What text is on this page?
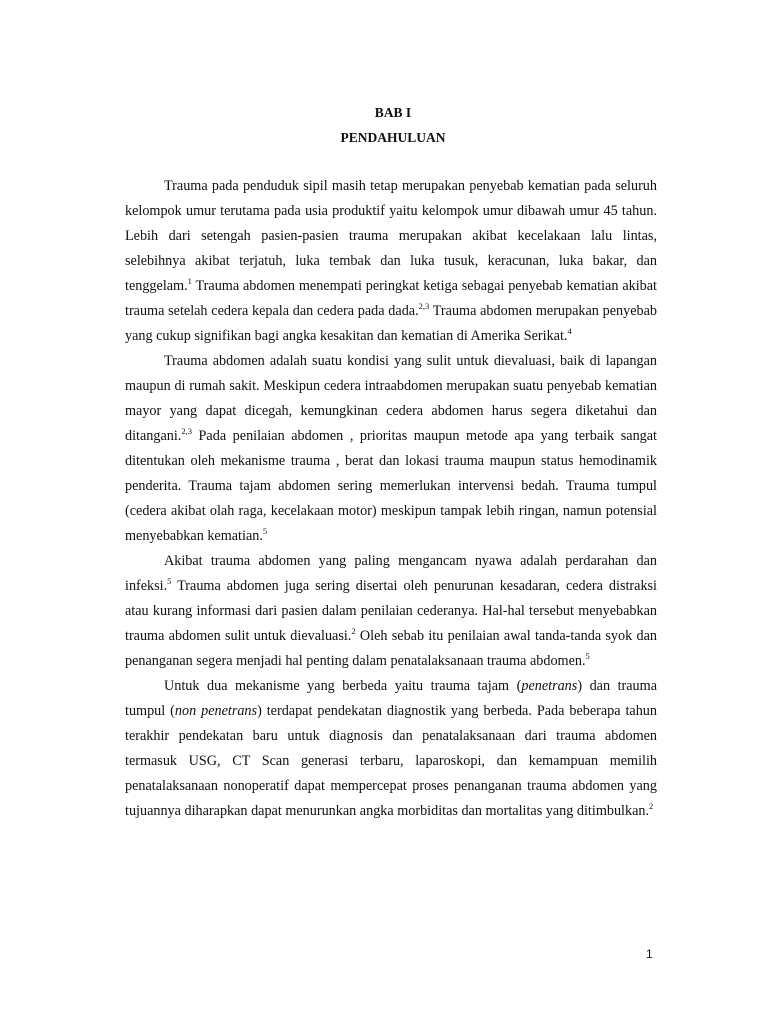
BAB I
PENDAHULUAN

Trauma pada penduduk sipil masih tetap merupakan penyebab kematian pada seluruh kelompok umur terutama pada usia produktif yaitu kelompok umur dibawah umur 45 tahun. Lebih dari setengah pasien-pasien trauma merupakan akibat kecelakaan lalu lintas, selebihnya akibat terjatuh, luka tembak dan luka tusuk, keracunan, luka bakar, dan tenggelam.$^1$ Trauma abdomen menempati peringkat ketiga sebagai penyebab kematian akibat trauma setelah cedera kepala dan cedera pada dada.$^{2,3}$ Trauma abdomen merupakan penyebab yang cukup signifikan bagi angka kesakitan dan kematian di Amerika Serikat.$^4$

Trauma abdomen adalah suatu kondisi yang sulit untuk dievaluasi, baik di lapangan maupun di rumah sakit. Meskipun cedera intraabdomen merupakan suatu penyebab kematian mayor yang dapat dicegah, kemungkinan cedera abdomen harus segera diketahui dan ditangani.$^{2,3}$ Pada penilaian abdomen , prioritas maupun metode apa yang terbaik sangat ditentukan oleh mekanisme trauma , berat dan lokasi trauma maupun status hemodinamik penderita. Trauma tajam abdomen sering memerlukan intervensi bedah. Trauma tumpul (cedera akibat olah raga, kecelakaan motor) meskipun tampak lebih ringan, namun potensial menyebabkan kematian.$^5$

Akibat trauma abdomen yang paling mengancam nyawa adalah perdarahan dan infeksi.$^5$ Trauma abdomen juga sering disertai oleh penurunan kesadaran, cedera distraksi atau kurang informasi dari pasien dalam penilaian cederanya. Hal-hal tersebut menyebabkan trauma abdomen sulit untuk dievaluasi.$^2$ Oleh sebab itu penilaian awal tanda-tanda syok dan penanganan segera menjadi hal penting dalam penatalaksanaan trauma abdomen.$^5$

Untuk dua mekanisme yang berbeda yaitu trauma tajam (penetrans) dan trauma tumpul (non penetrans) terdapat pendekatan diagnostik yang berbeda. Pada beberapa tahun terakhir pendekatan baru untuk diagnosis dan penatalaksanaan dari trauma abdomen termasuk USG, CT Scan generasi terbaru, laparoskopi, dan kemampuan memilih penatalaksanaan nonoperatif dapat mempercepat proses penanganan trauma abdomen yang tujuannya diharapkan dapat menurunkan angka morbiditas dan mortalitas yang ditimbulkan.$^2$

1
